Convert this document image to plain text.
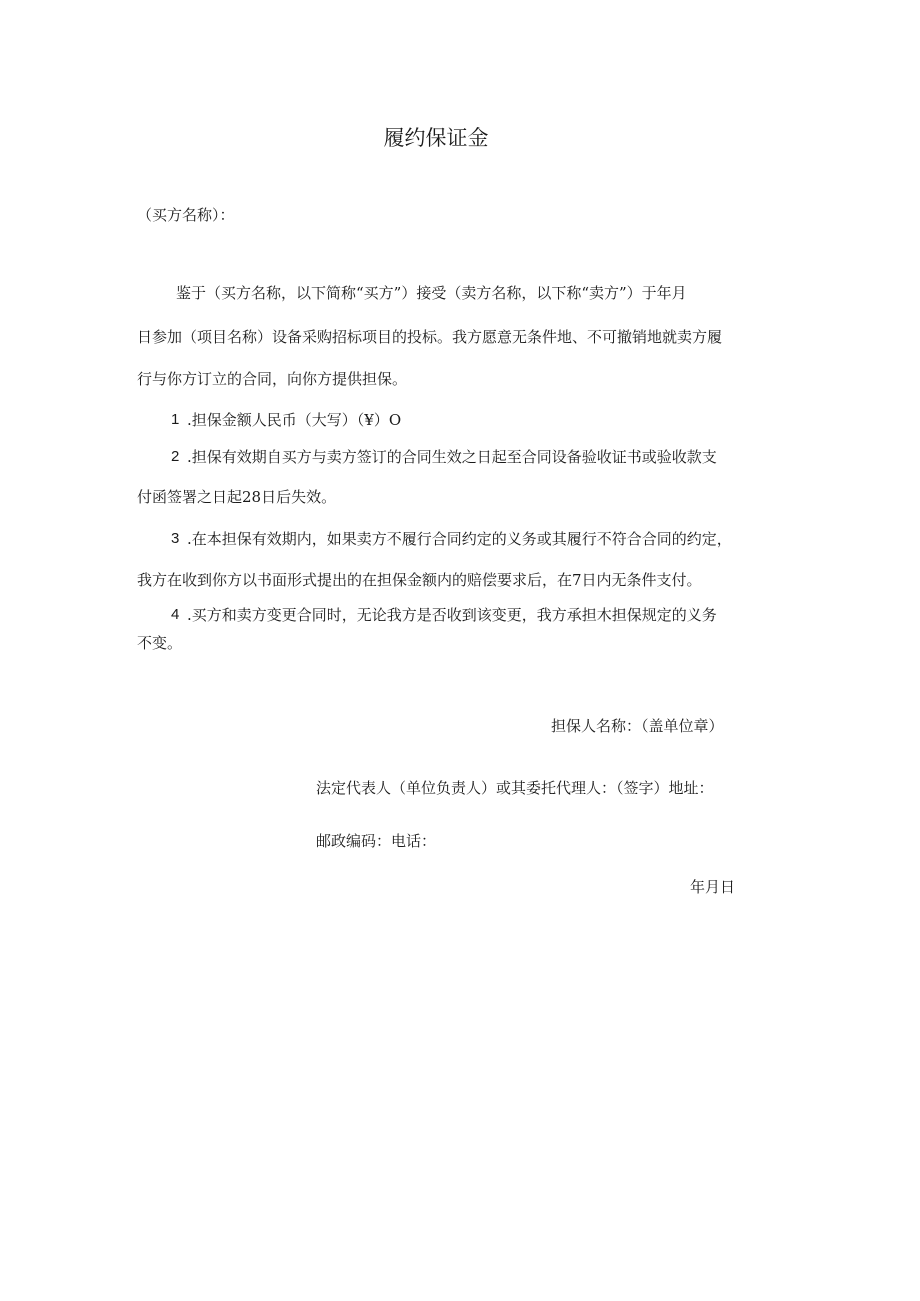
履约保证金
（买方名称）：
鉴于（买方名称，以下简称“买方”）接受（卖方名称，以下称“卖方”）于年月
日参加（项目名称）设备采购招标项目的投标。我方愿意无条件地、不可撤销地就卖方履
行与你方订立的合同，向你方提供担保。
1 .担保金额人民币（大写）（¥）O
2 .担保有效期自买方与卖方签订的合同生效之日起至合同设备验收证书或验收款支
付函签署之日起28日后失效。
3 .在本担保有效期内，如果卖方不履行合同约定的义务或其履行不符合合同的约定，
我方在收到你方以书面形式提出的在担保金额内的赔偿要求后，在7日内无条件支付。
4 .买方和卖方变更合同时，无论我方是否收到该变更，我方承担木担保规定的义务
不变。
担保人名称：（盖单位章）
法定代表人（单位负责人）或其委托代理人：（签字）地址：
邮政编码：电话：
年月日
